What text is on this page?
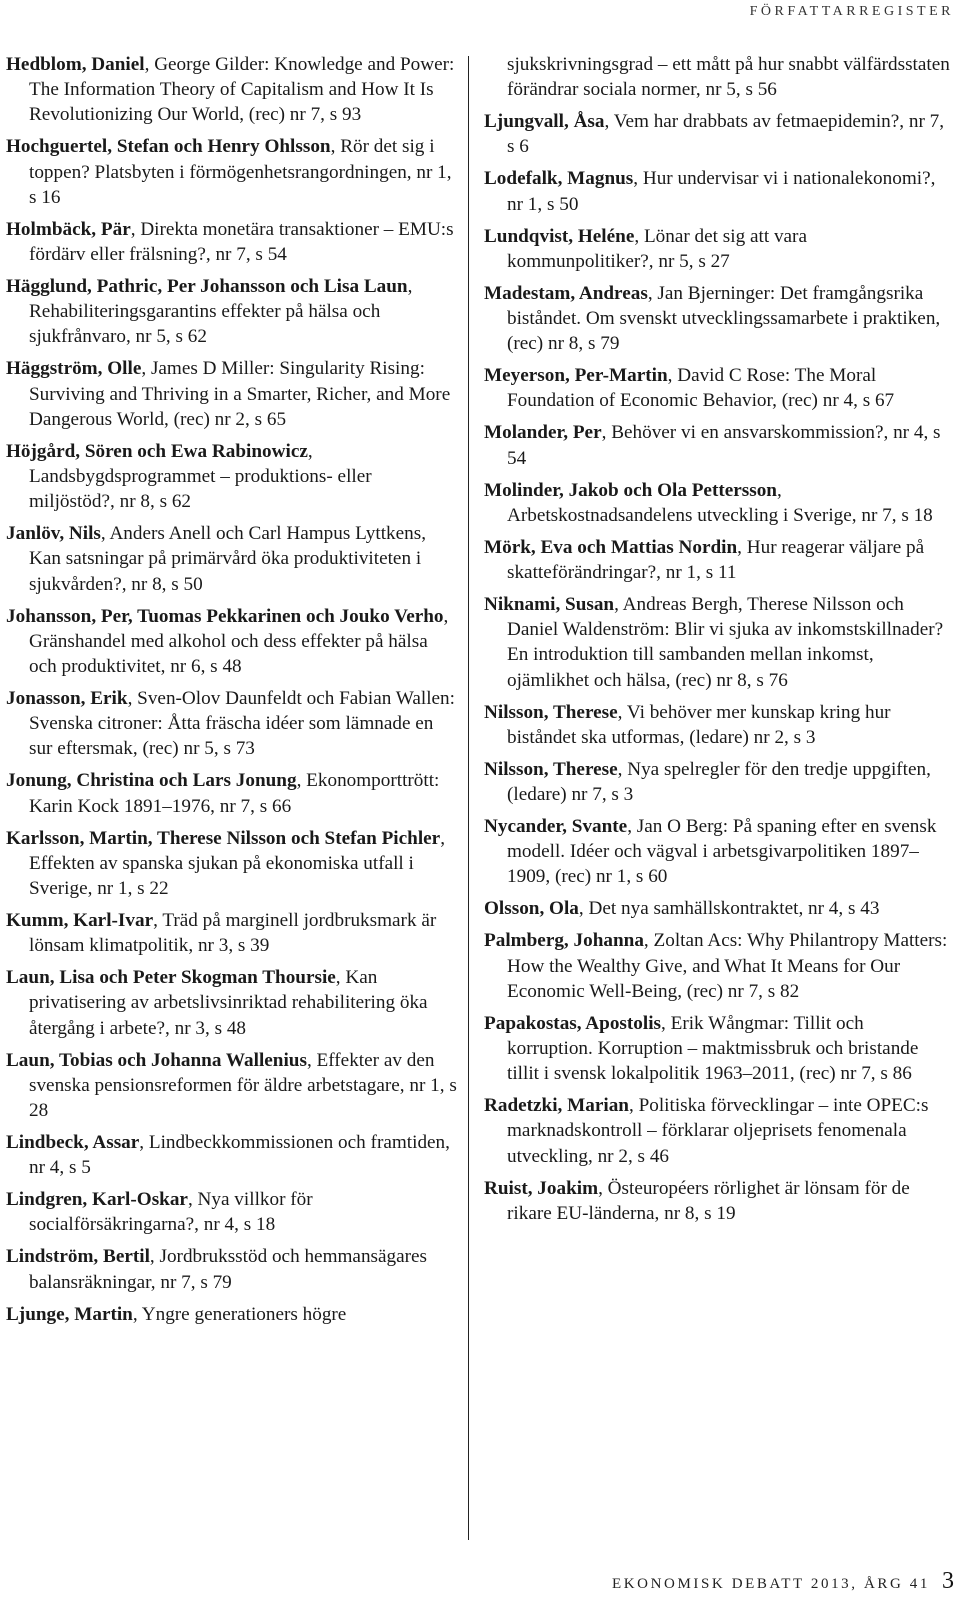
FÖRFATTARREGISTER

Hedblom, Daniel, George Gilder: Knowledge and Power: The Information Theory of Capitalism and How It Is Revolutionizing Our World, (rec) nr 7, s 93

Hochguertel, Stefan och Henry Ohlsson, Rör det sig i toppen? Platsbyten i förmögenhetsrangordningen, nr 1, s 16

Holmbäck, Pär, Direkta monetära transaktioner – EMU:s fördärv eller frälsning?, nr 7, s 54

Hägglund, Pathric, Per Johansson och Lisa Laun, Rehabiliteringsgarantins effekter på hälsa och sjukfrånvaro, nr 5, s 62

Häggström, Olle, James D Miller: Singularity Rising: Surviving and Thriving in a Smarter, Richer, and More Dangerous World, (rec) nr 2, s 65

Höjgård, Sören och Ewa Rabinowicz, Landsbygdsprogrammet – produktions- eller miljöstöd?, nr 8, s 62

Janlöv, Nils, Anders Anell och Carl Hampus Lyttkens, Kan satsningar på primärvård öka produktiviteten i sjukvården?, nr 8, s 50

Johansson, Per, Tuomas Pekkarinen och Jouko Verho, Gränshandel med alkohol och dess effekter på hälsa och produktivitet, nr 6, s 48

Jonasson, Erik, Sven-Olov Daunfeldt och Fabian Wallen: Svenska citroner: Åtta fräscha idéer som lämnade en sur eftersmak, (rec) nr 5, s 73

Jonung, Christina och Lars Jonung, Ekonomporttrött: Karin Kock 1891–1976, nr 7, s 66

Karlsson, Martin, Therese Nilsson och Stefan Pichler, Effekten av spanska sjukan på ekonomiska utfall i Sverige, nr 1, s 22

Kumm, Karl-Ivar, Träd på marginell jordbruksmark är lönsam klimatpolitik, nr 3, s 39

Laun, Lisa och Peter Skogman Thoursie, Kan privatisering av arbetslivsinriktad rehabilitering öka återgång i arbete?, nr 3, s 48

Laun, Tobias och Johanna Wallenius, Effekter av den svenska pensionsreformen för äldre arbetstagare, nr 1, s 28

Lindbeck, Assar, Lindbeckkommissionen och framtiden, nr 4, s 5

Lindgren, Karl-Oskar, Nya villkor för socialförsäkringarna?, nr 4, s 18

Lindström, Bertil, Jordbruksstöd och hemmansägares balansräkningar, nr 7, s 79

Ljunge, Martin, Yngre generationers högre

sjukskrivningsgrad – ett mått på hur snabbt välfärdsstaten förändrar sociala normer, nr 5, s 56

Ljungvall, Åsa, Vem har drabbats av fetmaepidemin?, nr 7, s 6

Lodefalk, Magnus, Hur undervisar vi i nationalekonomi?, nr 1, s 50

Lundqvist, Heléne, Lönar det sig att vara kommunpolitiker?, nr 5, s 27

Madestam, Andreas, Jan Bjerninger: Det framgångsrika biståndet. Om svenskt utvecklingssamarbete i praktiken, (rec) nr 8, s 79

Meyerson, Per-Martin, David C Rose: The Moral Foundation of Economic Behavior, (rec) nr 4, s 67

Molander, Per, Behöver vi en ansvarskommission?, nr 4, s 54

Molinder, Jakob och Ola Pettersson, Arbetskostnadsandelens utveckling i Sverige, nr 7, s 18

Mörk, Eva och Mattias Nordin, Hur reagerar väljare på skatteförändringar?, nr 1, s 11

Niknami, Susan, Andreas Bergh, Therese Nilsson och Daniel Waldenström: Blir vi sjuka av inkomstskillnader? En introduktion till sambanden mellan inkomst, ojämlikhet och hälsa, (rec) nr 8, s 76

Nilsson, Therese, Vi behöver mer kunskap kring hur biståndet ska utformas, (ledare) nr 2, s 3

Nilsson, Therese, Nya spelregler för den tredje uppgiften, (ledare) nr 7, s 3

Nycander, Svante, Jan O Berg: På spaning efter en svensk modell. Idéer och vägval i arbetsgivarpolitiken 1897–1909, (rec) nr 1, s 60

Olsson, Ola, Det nya samhällskontraktet, nr 4, s 43

Palmberg, Johanna, Zoltan Acs: Why Philantropy Matters: How the Wealthy Give, and What It Means for Our Economic Well-Being, (rec) nr 7, s 82

Papakostas, Apostolis, Erik Wångmar: Tillit och korruption. Korruption – maktmissbruk och bristande tillit i svensk lokalpolitik 1963–2011, (rec) nr 7, s 86

Radetzki, Marian, Politiska förvecklingar – inte OPEC:s marknadskontroll – förklarar oljeprisets fenomenala utveckling, nr 2, s 46

Ruist, Joakim, Östeuropéers rörlighet är lönsam för de rikare EU-länderna, nr 8, s 19

EKONOMISK DEBATT 2013, ÅRG 41 3
